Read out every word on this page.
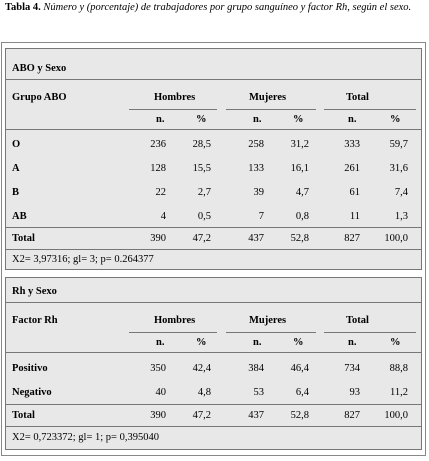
Tabla 4. Número y (porcentaje) de trabajadores por grupo sanguíneo y factor Rh, según el sexo.
ABO y Sexo
Grupo ABO	Hombres	Mujeres	Total
n.	%	n.	%	n.	%
O	236	28,5	258	31,2	333	59,7
A	128	15,5	133	16,1	261	31,6
B	22	2,7	39	4,7	61	7,4
AB	4	0,5	7	0,8	11	1,3
Total	390	47,2	437	52,8	827	100,0
X2= 3,97316; gl= 3; p= 0.264377
Rh y Sexo
Factor Rh	Hombres	Mujeres	Total
n.	%	n.	%	n.	%
Positivo	350	42,4	384	46,4	734	88,8
Negativo	40	4,8	53	6,4	93	11,2
Total	390	47,2	437	52,8	827	100,0
X2= 0,723372; gl= 1; p= 0,395040
